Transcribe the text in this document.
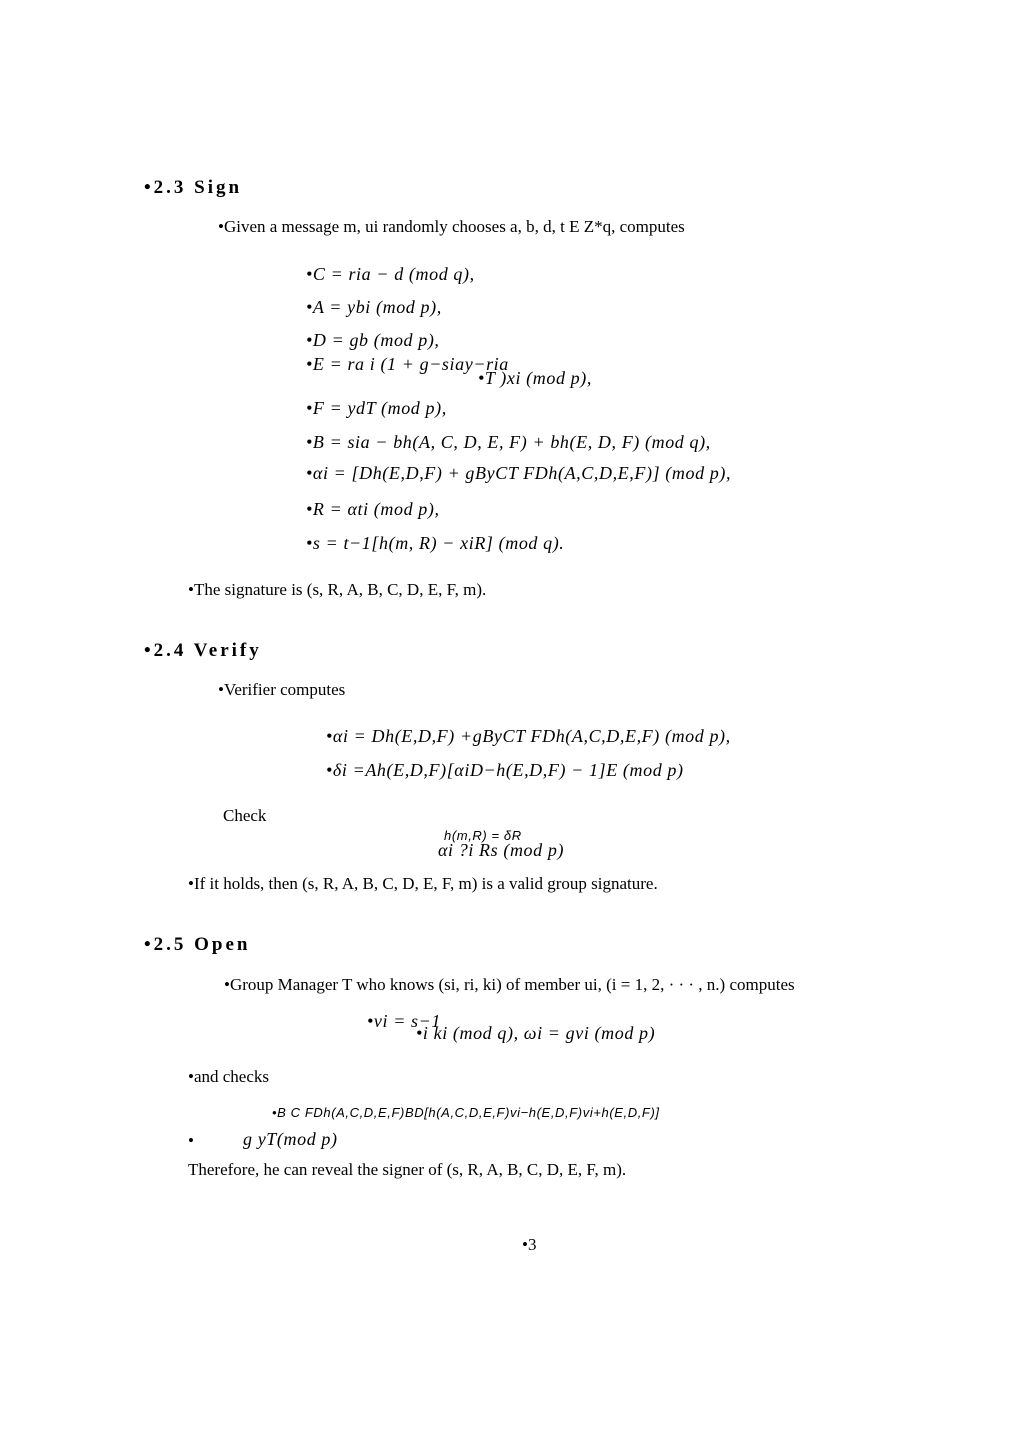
•2.3 Sign
•Given a message m, ui randomly chooses a, b, d, t E Z*q, computes
•C = ria − d (mod q),
•A = ybi (mod p),
•D = gb (mod p),
•E = ra i (1 + g−siay−ria
•T )xi (mod p),
•F = ydT (mod p),
•B = sia − bh(A, C, D, E, F) + bh(E, D, F) (mod q),
•αi = [Dh(E,D,F) + gByCT FDh(A,C,D,E,F)] (mod p),
•R = αti (mod p),
•s = t−1[h(m, R) − xiR] (mod q).
•The signature is (s, R, A, B, C, D, E, F, m).
•2.4 Verify
•Verifier computes
•αi = Dh(E,D,F) +gByCT FDh(A,C,D,E,F) (mod p),
•δi =Ah(E,D,F)[αiD−h(E,D,F) − 1]E (mod p)
Check
h(m,R) = δR
αi ?i Rs (mod p)
•If it holds, then (s, R, A, B, C, D, E, F, m) is a valid group signature.
•2.5 Open
•Group Manager T who knows (si, ri, ki) of member ui, (i = 1, 2, · · · , n.) computes
•vi = s−1
•i ki (mod q), ωi = gvi (mod p)
•and checks
•B C FDh(A,C,D,E,F)BD[h(A,C,D,E,F)vi−h(E,D,F)vi+h(E,D,F)]
•	g yT(mod p)
Therefore, he can reveal the signer of (s, R, A, B, C, D, E, F, m).
•3
